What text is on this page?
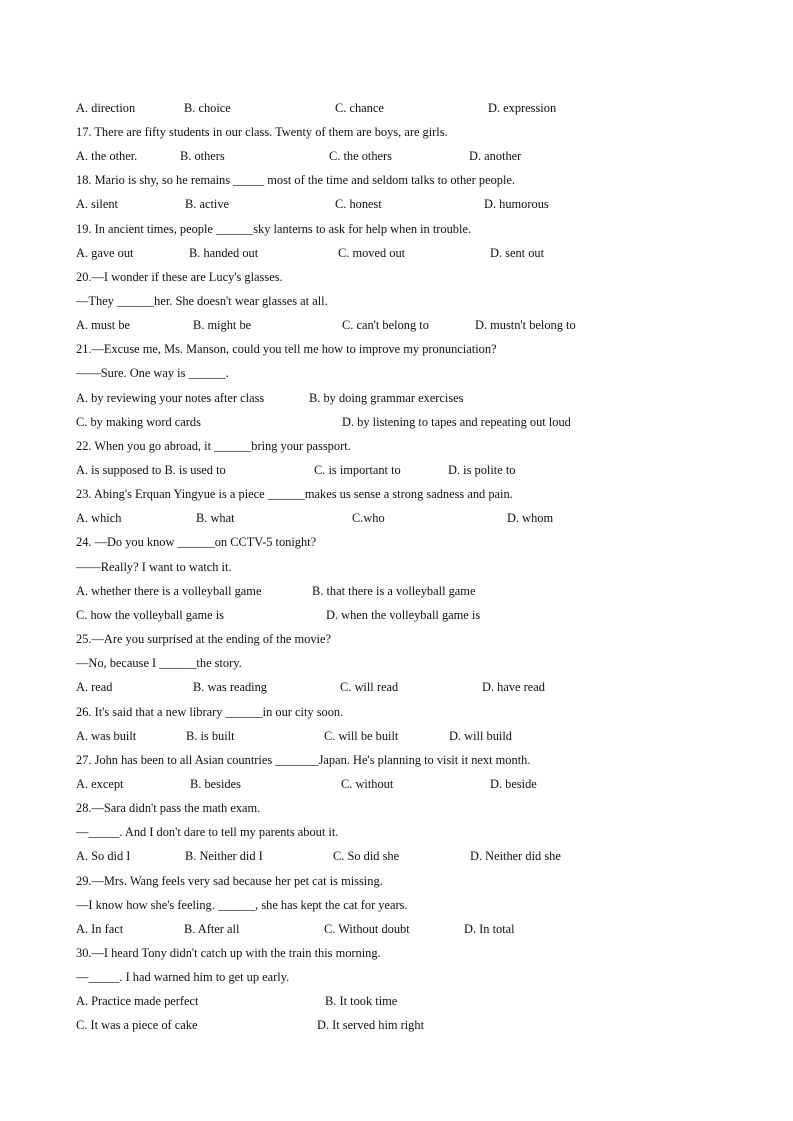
A. direction	B. choice	C. chance	D. expression
17. There are fifty students in our class. Twenty of them are boys, are girls.
A. the other.	B. others	C. the others	D. another
18. Mario is shy, so he remains _____ most of the time and seldom talks to other people.
A. silent	B. active	C. honest	D. humorous
19. In ancient times, people ______sky lanterns to ask for help when in trouble.
A. gave out	B. handed out	C. moved out	D. sent out
20.—I wonder if these are Lucy's glasses.
—They ______her. She doesn't wear glasses at all.
A. must be	B. might be	C. can't belong to	D. mustn't belong to
21.—Excuse me, Ms. Manson, could you tell me how to improve my pronunciation?
——Sure. One way is ______.
A. by reviewing your notes after class	B. by doing grammar exercises
C. by making word cards	D. by listening to tapes and repeating out loud
22. When you go abroad, it ______bring your passport.
A. is supposed to B. is used to	C. is important to	D. is polite to
23. Abing's Erquan Yingyue is a piece ______makes us sense a strong sadness and pain.
A. which	B. what	C.who	D. whom
24. —Do you know ______on CCTV-5 tonight?
——Really? I want to watch it.
A. whether there is a volleyball game	B. that there is a volleyball game
C. how the volleyball game is	D. when the volleyball game is
25.—Are you surprised at the ending of the movie?
—No, because I ______the story.
A. read	B. was reading	C. will read	D. have read
26. It's said that a new library ______in our city soon.
A. was built	B. is built	C. will be built	D. will build
27. John has been to all Asian countries _______Japan. He's planning to visit it next month.
A. except	B. besides	C. without	D. beside
28.—Sara didn't pass the math exam.
—_____. And I don't dare to tell my parents about it.
A. So did I	B. Neither did I	C. So did she	D. Neither did she
29.—Mrs. Wang feels very sad because her pet cat is missing.
—I know how she's feeling. ______, she has kept the cat for years.
A. In fact	B. After all	C. Without doubt	D. In total
30.—I heard Tony didn't catch up with the train this morning.
—_____. I had warned him to get up early.
A. Practice made perfect	B. It took time
C. It was a piece of cake	D. It served him right
